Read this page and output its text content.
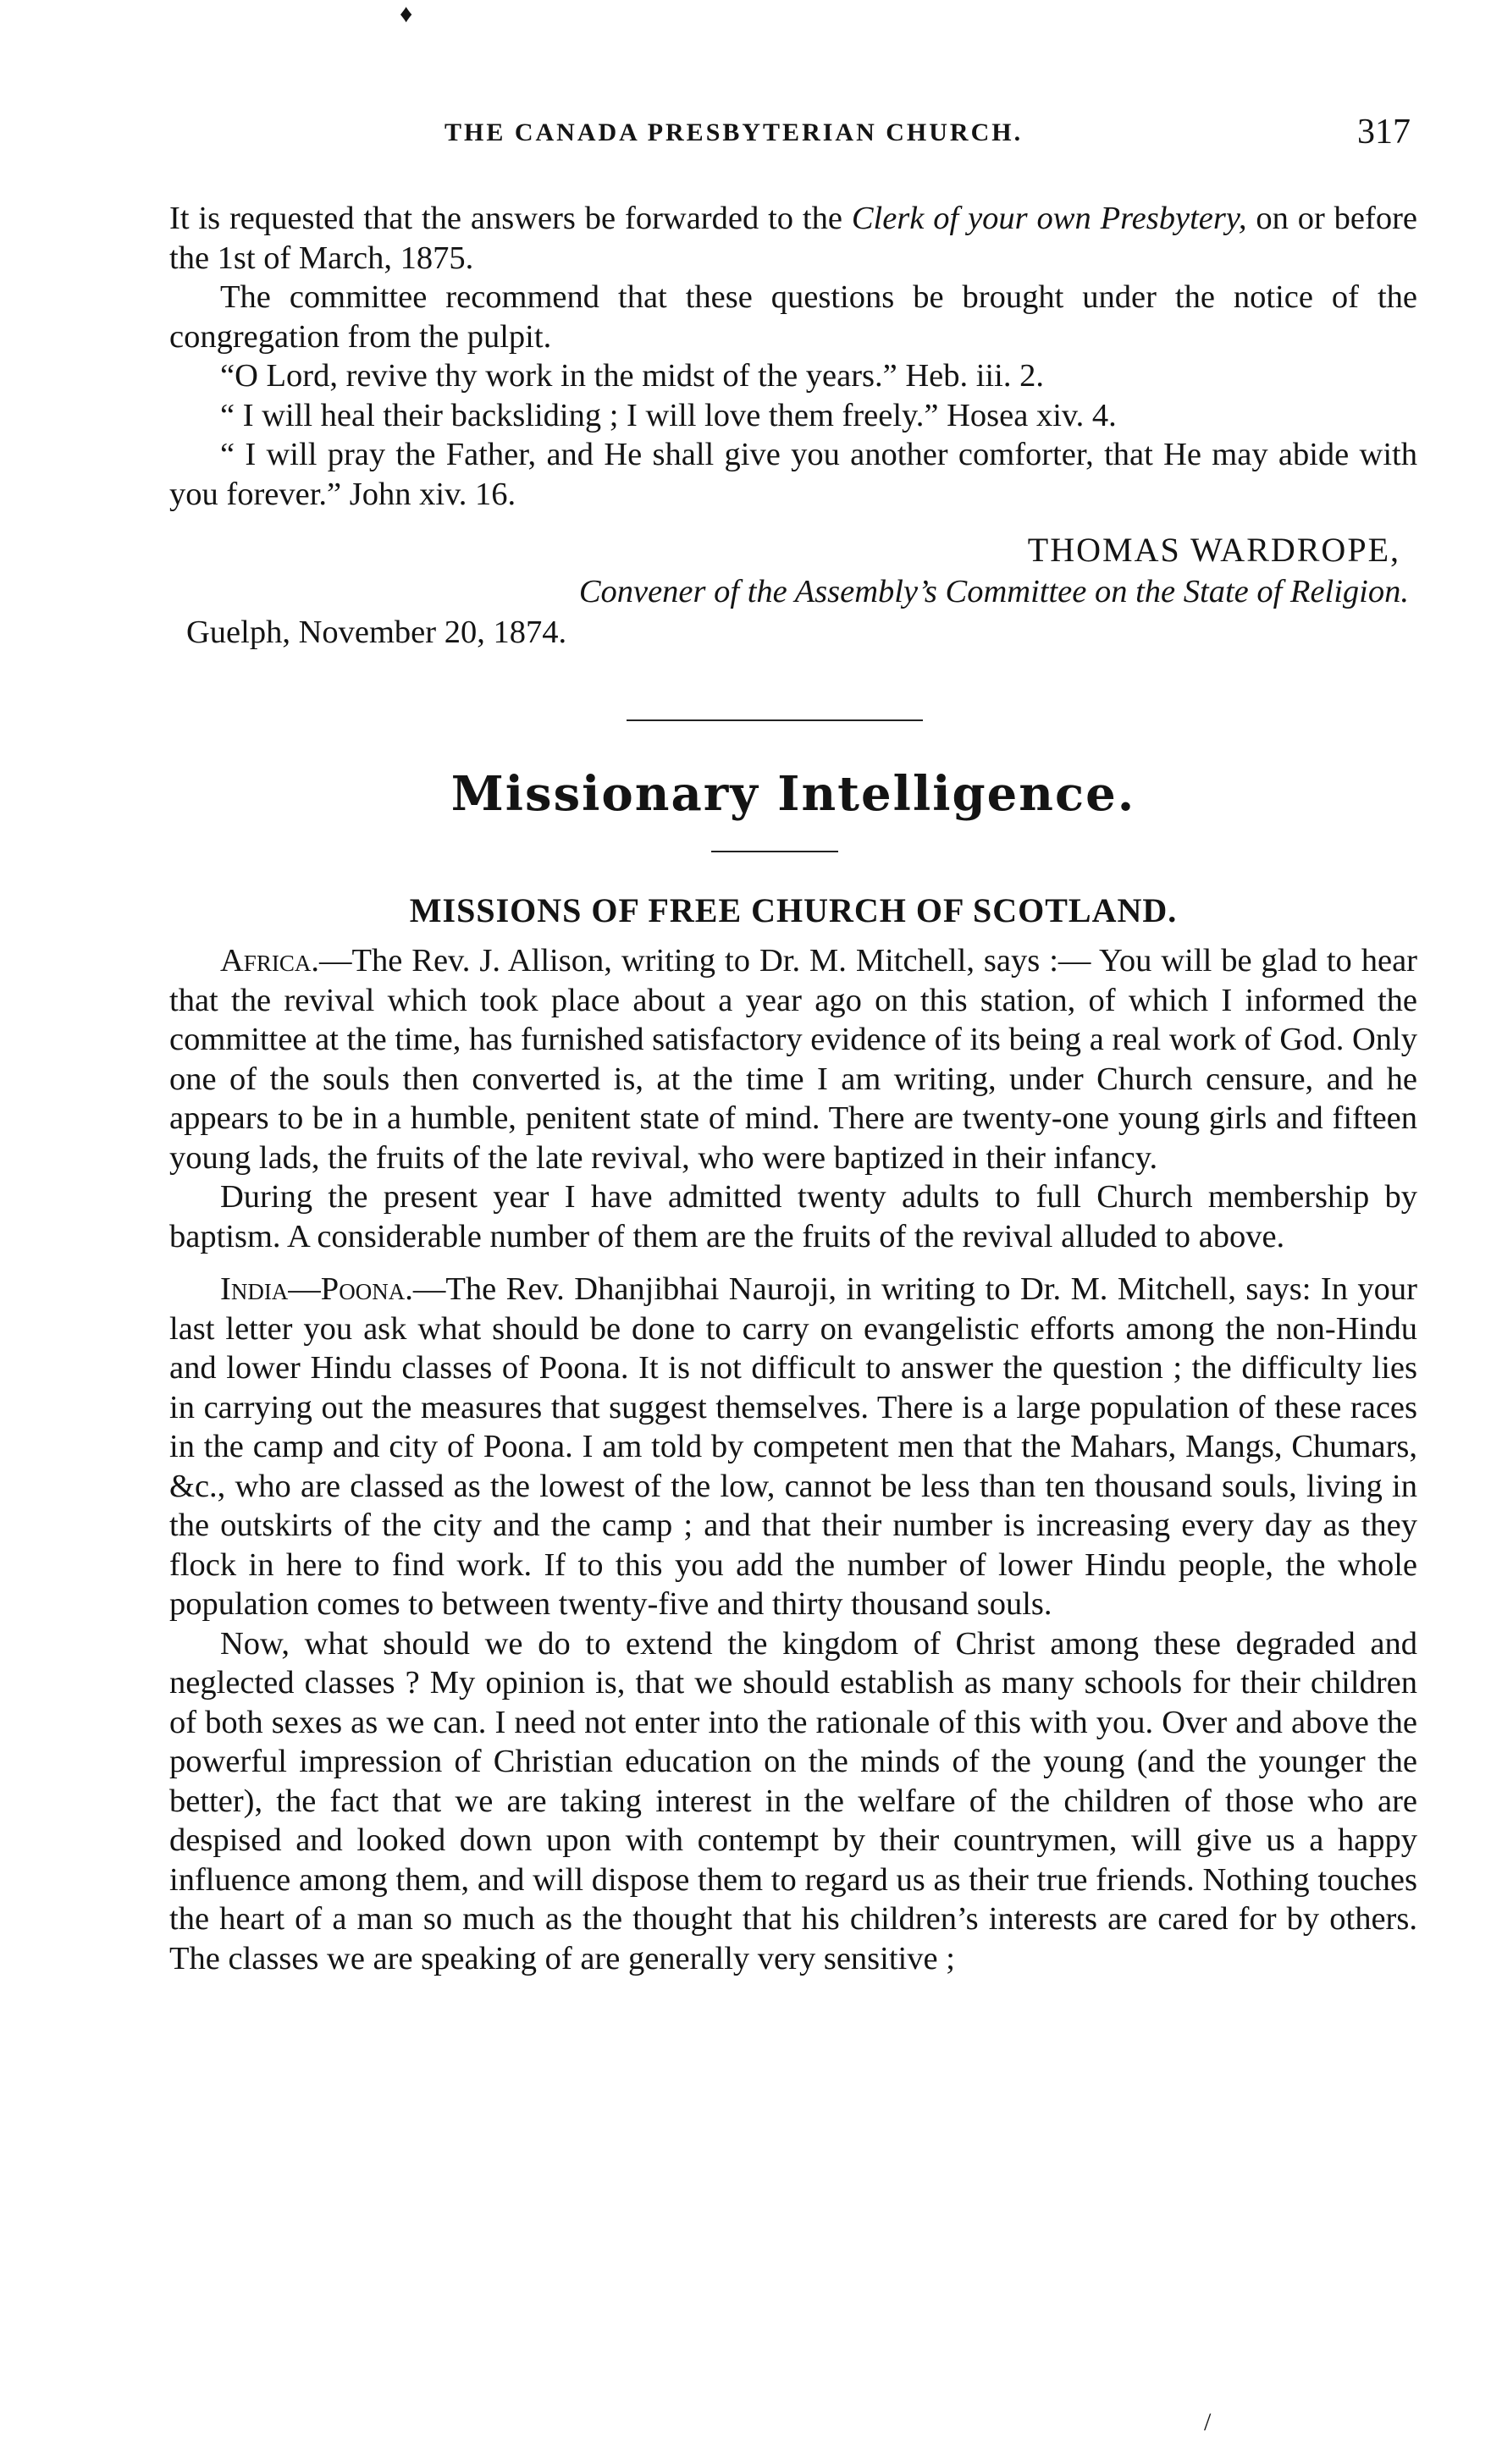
♦
THE CANADA PRESBYTERIAN CHURCH.	317

It is requested that the answers be forwarded to the Clerk of your own Presbytery, on or before the 1st of March, 1875.

The committee recommend that these questions be brought under the notice of the congregation from the pulpit.

“O Lord, revive thy work in the midst of the years.” Heb. iii. 2.

“ I will heal their backsliding ; I will love them freely.” Hosea xiv. 4.

“ I will pray the Father, and He shall give you another comforter, that He may abide with you forever.” John xiv. 16.

THOMAS WARDROPE,
Convener of the Assembly’s Committee on the State of Religion.
Guelph, November 20, 1874.
Missionary Intelligence.
MISSIONS OF FREE CHURCH OF SCOTLAND.

Africa.—The Rev. J. Allison, writing to Dr. M. Mitchell, says :— You will be glad to hear that the revival which took place about a year ago on this station, of which I informed the committee at the time, has furnished satisfactory evidence of its being a real work of God. Only one of the souls then converted is, at the time I am writing, under Church censure, and he appears to be in a humble, penitent state of mind. There are twenty-one young girls and fifteen young lads, the fruits of the late revival, who were baptized in their infancy.

During the present year I have admitted twenty adults to full Church membership by baptism. A considerable number of them are the fruits of the revival alluded to above.

India—Poona.—The Rev. Dhanjibhai Nauroji, in writing to Dr. M. Mitchell, says: In your last letter you ask what should be done to carry on evangelistic efforts among the non-Hindu and lower Hindu classes of Poona. It is not difficult to answer the question ; the difficulty lies in carrying out the measures that suggest themselves. There is a large population of these races in the camp and city of Poona. I am told by competent men that the Mahars, Mangs, Chumars, &c., who are classed as the lowest of the low, cannot be less than ten thousand souls, living in the outskirts of the city and the camp ; and that their number is increasing every day as they flock in here to find work. If to this you add the number of lower Hindu people, the whole population comes to between twenty-five and thirty thousand souls.

Now, what should we do to extend the kingdom of Christ among these degraded and neglected classes ? My opinion is, that we should establish as many schools for their children of both sexes as we can. I need not enter into the rationale of this with you. Over and above the powerful impression of Christian education on the minds of the young (and the younger the better), the fact that we are taking interest in the welfare of the children of those who are despised and looked down upon with contempt by their countrymen, will give us a happy influence among them, and will dispose them to regard us as their true friends. Nothing touches the heart of a man so much as the thought that his children’s interests are cared for by others. The classes we are speaking of are generally very sensitive ;

/
